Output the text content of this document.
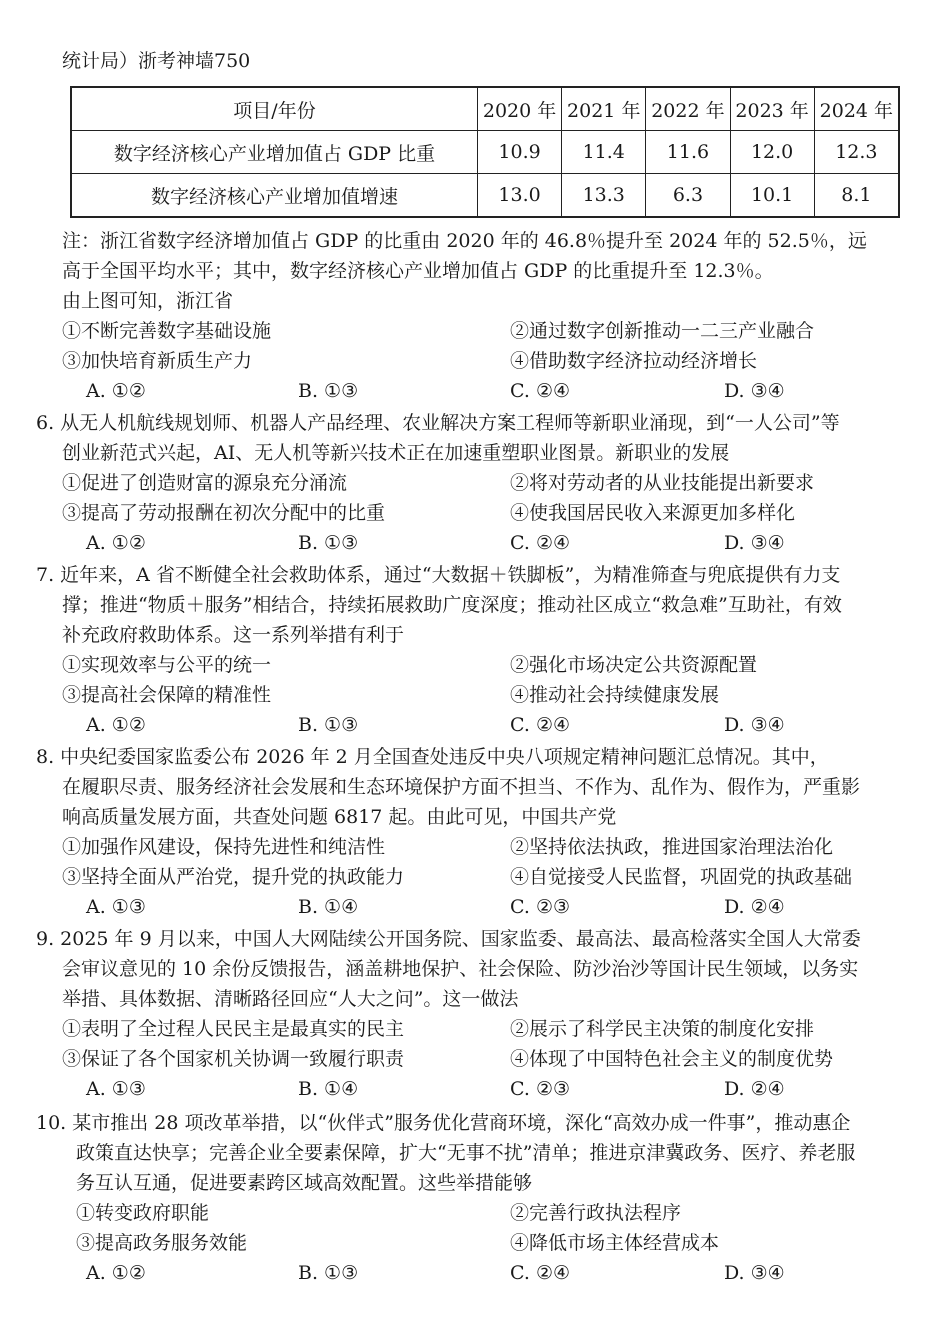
统计局）浙考神墙750
项目/年份	2020 年	2021 年	2022 年	2023 年	2024 年
数字经济核心产业增加值占 GDP 比重	10.9	11.4	11.6	12.0	12.3
数字经济核心产业增加值增速	13.0	13.3	6.3	10.1	8.1
注：浙江省数字经济增加值占 GDP 的比重由 2020 年的 46.8％提升至 2024 年的 52.5％，远
高于全国平均水平；其中，数字经济核心产业增加值占 GDP 的比重提升至 12.3％。
由上图可知，浙江省
①不断完善数字基础设施	②通过数字创新推动一二三产业融合
③加快培育新质生产力	④借助数字经济拉动经济增长
A. ①②	B. ①③	C. ②④	D. ③④
6. 从无人机航线规划师、机器人产品经理、农业解决方案工程师等新职业涌现，到“一人公司”等
创业新范式兴起，AI、无人机等新兴技术正在加速重塑职业图景。新职业的发展
①促进了创造财富的源泉充分涌流	②将对劳动者的从业技能提出新要求
③提高了劳动报酬在初次分配中的比重	④使我国居民收入来源更加多样化
A. ①②	B. ①③	C. ②④	D. ③④
7. 近年来，A 省不断健全社会救助体系，通过“大数据＋铁脚板”，为精准筛查与兜底提供有力支
撑；推进“物质＋服务”相结合，持续拓展救助广度深度；推动社区成立“救急难”互助社，有效
补充政府救助体系。这一系列举措有利于
①实现效率与公平的统一	②强化市场决定公共资源配置
③提高社会保障的精准性	④推动社会持续健康发展
A. ①②	B. ①③	C. ②④	D. ③④
8. 中央纪委国家监委公布 2026 年 2 月全国查处违反中央八项规定精神问题汇总情况。其中，
在履职尽责、服务经济社会发展和生态环境保护方面不担当、不作为、乱作为、假作为，严重影
响高质量发展方面，共查处问题 6817 起。由此可见，中国共产党
①加强作风建设，保持先进性和纯洁性	②坚持依法执政，推进国家治理法治化
③坚持全面从严治党，提升党的执政能力	④自觉接受人民监督，巩固党的执政基础
A. ①③	B. ①④	C. ②③	D. ②④
9. 2025 年 9 月以来，中国人大网陆续公开国务院、国家监委、最高法、最高检落实全国人大常委
会审议意见的 10 余份反馈报告，涵盖耕地保护、社会保险、防沙治沙等国计民生领域，以务实
举措、具体数据、清晰路径回应“人大之问”。这一做法
①表明了全过程人民民主是最真实的民主	②展示了科学民主决策的制度化安排
③保证了各个国家机关协调一致履行职责	④体现了中国特色社会主义的制度优势
A. ①③	B. ①④	C. ②③	D. ②④
10. 某市推出 28 项改革举措，以“伙伴式”服务优化营商环境，深化“高效办成一件事”，推动惠企
政策直达快享；完善企业全要素保障，扩大“无事不扰”清单；推进京津冀政务、医疗、养老服
务互认互通，促进要素跨区域高效配置。这些举措能够
①转变政府职能	②完善行政执法程序
③提高政务服务效能	④降低市场主体经营成本
A. ①②	B. ①③	C. ②④	D. ③④
